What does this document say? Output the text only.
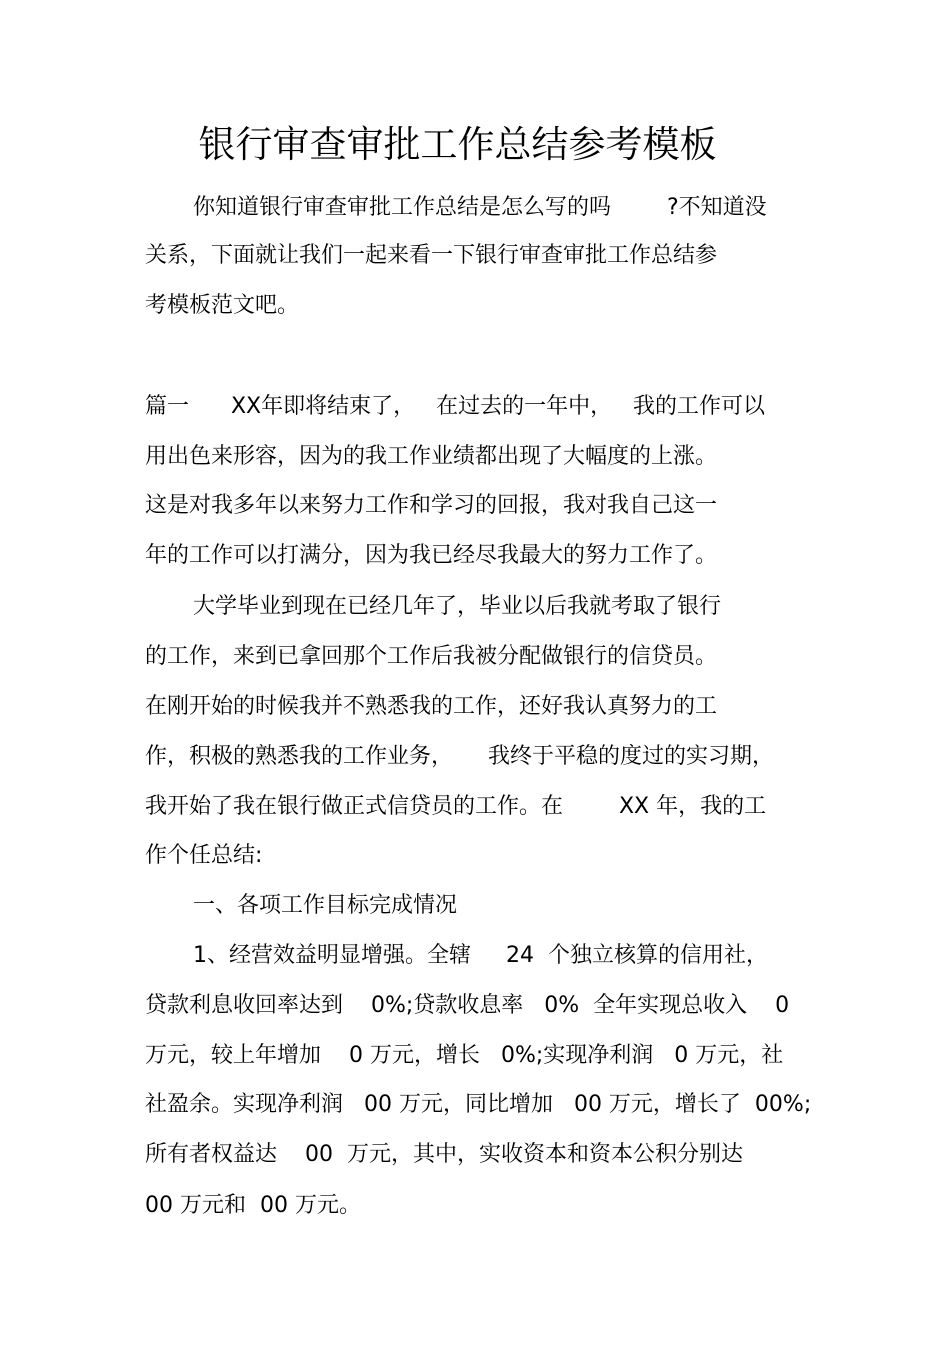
银行审查审批工作总结参考模板
你知道银行审查审批工作总结是怎么写的吗        ?不知道没
关系，下面就让我们一起来看一下银行审查审批工作总结参
考模板范文吧。
篇一      XX年即将结束了，   在过去的一年中，   我的工作可以
用出色来形容，因为的我工作业绩都出现了大幅度的上涨。
这是对我多年以来努力工作和学习的回报，我对我自己这一
年的工作可以打满分，因为我已经尽我最大的努力工作了。
大学毕业到现在已经几年了，毕业以后我就考取了银行
的工作，来到已拿回那个工作后我被分配做银行的信贷员。
在刚开始的时候我并不熟悉我的工作，还好我认真努力的工
作，积极的熟悉我的工作业务，     我终于平稳的度过的实习期，
我开始了我在银行做正式信贷员的工作。在        XX 年，我的工
作个任总结:
一、各项工作目标完成情况
1、经营效益明显增强。全辖     24  个独立核算的信用社，
贷款利息收回率达到    0%;贷款收息率   0%  全年实现总收入    0
万元，较上年增加    0 万元，增长   0%;实现净利润   0 万元，社
社盈余。实现净利润   00 万元，同比增加   00 万元，增长了  00%;
所有者权益达    00  万元，其中，实收资本和资本公积分别达
00 万元和  00 万元。
